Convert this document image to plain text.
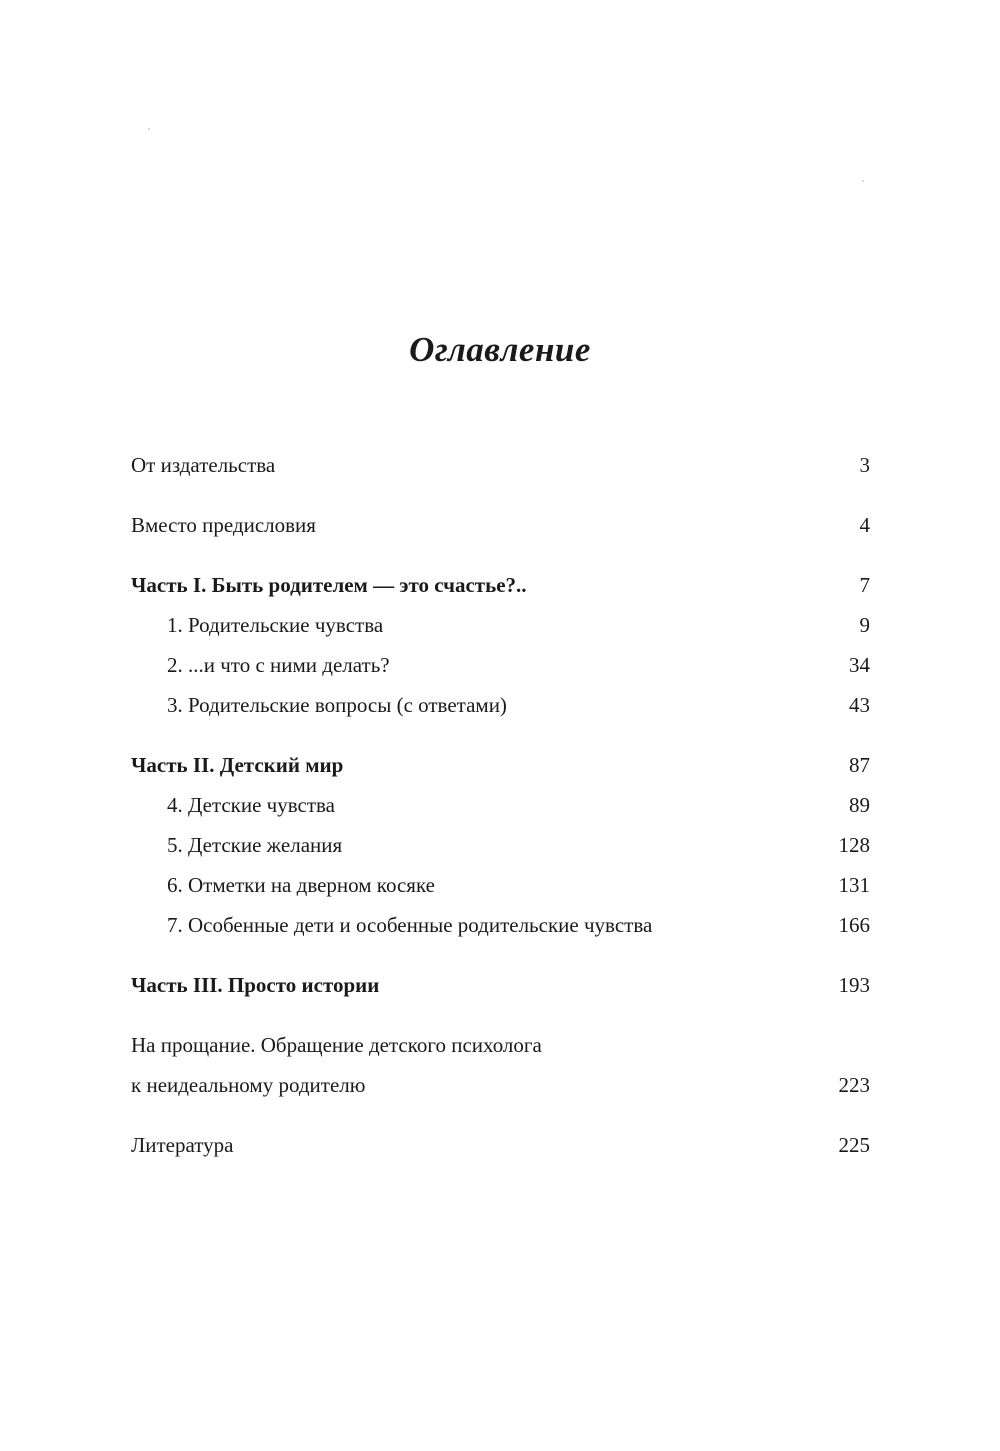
Оглавление
От издательства .....	3
Вместо предисловия .....	4
Часть I. Быть родителем — это счастье?.. .....	7
1. Родительские чувства .....	9
2. ...и что с ними делать? .....	34
3. Родительские вопросы (с ответами) .....	43
Часть II. Детский мир .....	87
4. Детские чувства .....	89
5. Детские желания .....	128
6. Отметки на дверном косяке .....	131
7. Особенные дети и особенные родительские чувства .....	166
Часть III. Просто истории .....	193
На прощание. Обращение детского психолога
к неидеальному родителю .....	223
Литература .....	225
